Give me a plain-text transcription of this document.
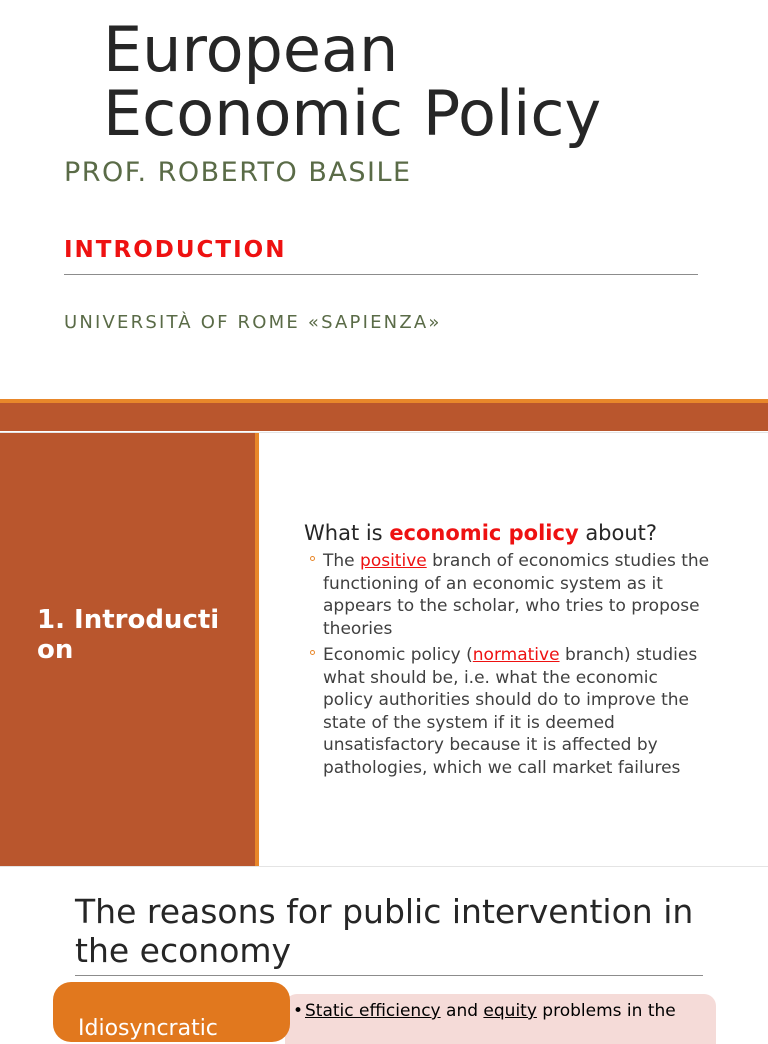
European
Economic Policy
PROF. ROBERTO BASILE
INTRODUCTION
UNIVERSITÀ OF ROME «SAPIENZA»
1. Introduction
What is economic policy about?
The positive branch of economics studies the functioning of an economic system as it appears to the scholar, who tries to propose theories
Economic policy (normative branch) studies what should be, i.e. what the economic policy authorities should do to improve the state of the system if it is deemed unsatisfactory because it is affected by pathologies, which we call market failures
The reasons for public intervention in the economy
Idiosyncratic
• Static efficiency and equity problems in the
